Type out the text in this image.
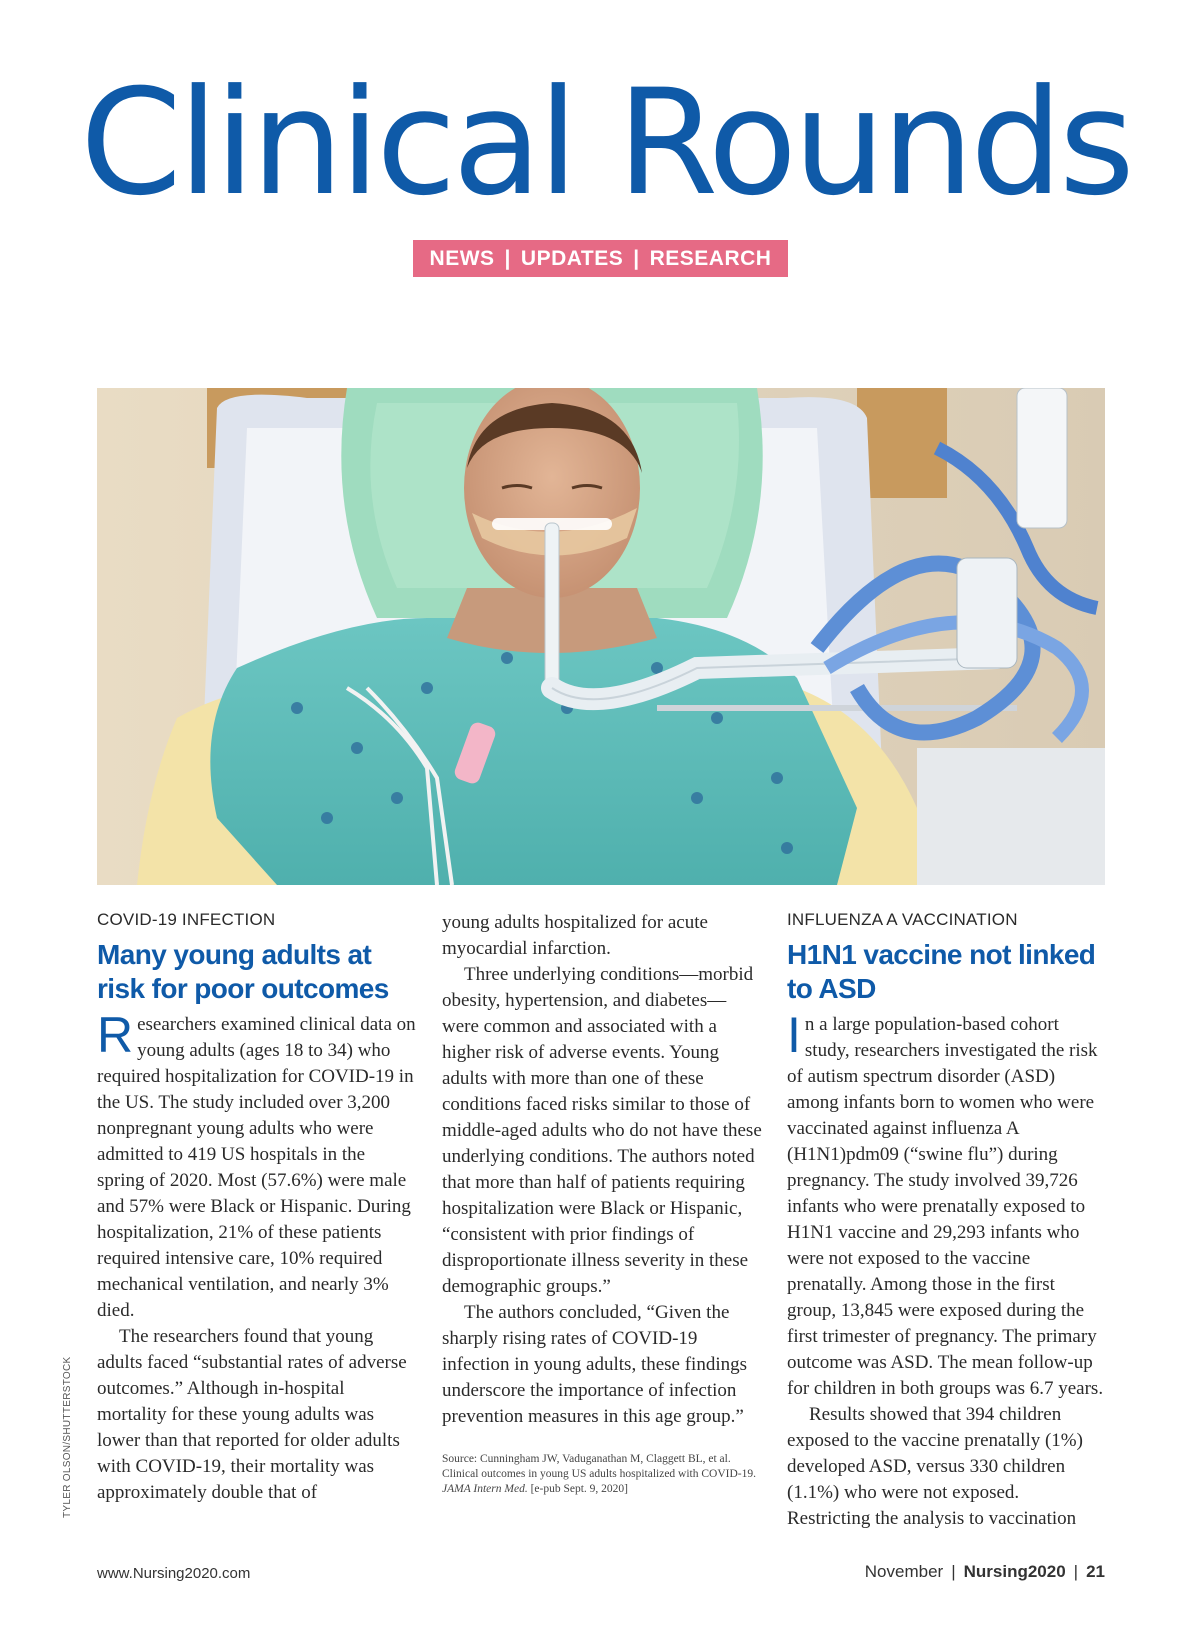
Clinical Rounds
NEWS | UPDATES | RESEARCH
TYLER OLSON/SHUTTERSTOCK
COVID-19 INFECTION
Many young adults at risk for poor outcomes

Researchers examined clinical data on young adults (ages 18 to 34) who required hospitalization for COVID-19 in the US. The study included over 3,200 nonpregnant young adults who were admitted to 419 US hospitals in the spring of 2020. Most (57.6%) were male and 57% were Black or Hispanic. During hospitalization, 21% of these patients required intensive care, 10% required mechanical ventilation, and nearly 3% died.

The researchers found that young adults faced “substantial rates of adverse outcomes.” Although in-hospital mortality for these young adults was lower than that reported for older adults with COVID-19, their mortality was approximately double that of

young adults hospitalized for acute myocardial infarction.

Three underlying conditions—morbid obesity, hypertension, and diabetes—were common and associated with a higher risk of adverse events. Young adults with more than one of these conditions faced risks similar to those of middle-aged adults who do not have these underlying conditions. The authors noted that more than half of patients requiring hospitalization were Black or Hispanic, “consistent with prior findings of disproportionate illness severity in these demographic groups.”

The authors concluded, “Given the sharply rising rates of COVID-19 infection in young adults, these findings underscore the importance of infection prevention measures in this age group.”

Source: Cunningham JW, Vaduganathan M, Claggett BL, et al. Clinical outcomes in young US adults hospitalized with COVID-19. JAMA Intern Med. [e-pub Sept. 9, 2020]
INFLUENZA A VACCINATION
H1N1 vaccine not linked to ASD

In a large population-based cohort study, researchers investigated the risk of autism spectrum disorder (ASD) among infants born to women who were vaccinated against influenza A (H1N1)pdm09 (“swine flu”) during pregnancy. The study involved 39,726 infants who were prenatally exposed to H1N1 vaccine and 29,293 infants who were not exposed to the vaccine prenatally. Among those in the first group, 13,845 were exposed during the first trimester of pregnancy. The primary outcome was ASD. The mean follow-up for children in both groups was 6.7 years.

Results showed that 394 children exposed to the vaccine prenatally (1%) developed ASD, versus 330 children (1.1%) who were not exposed. Restricting the analysis to vaccination

www.Nursing2020.com	November | Nursing2020 | 21
